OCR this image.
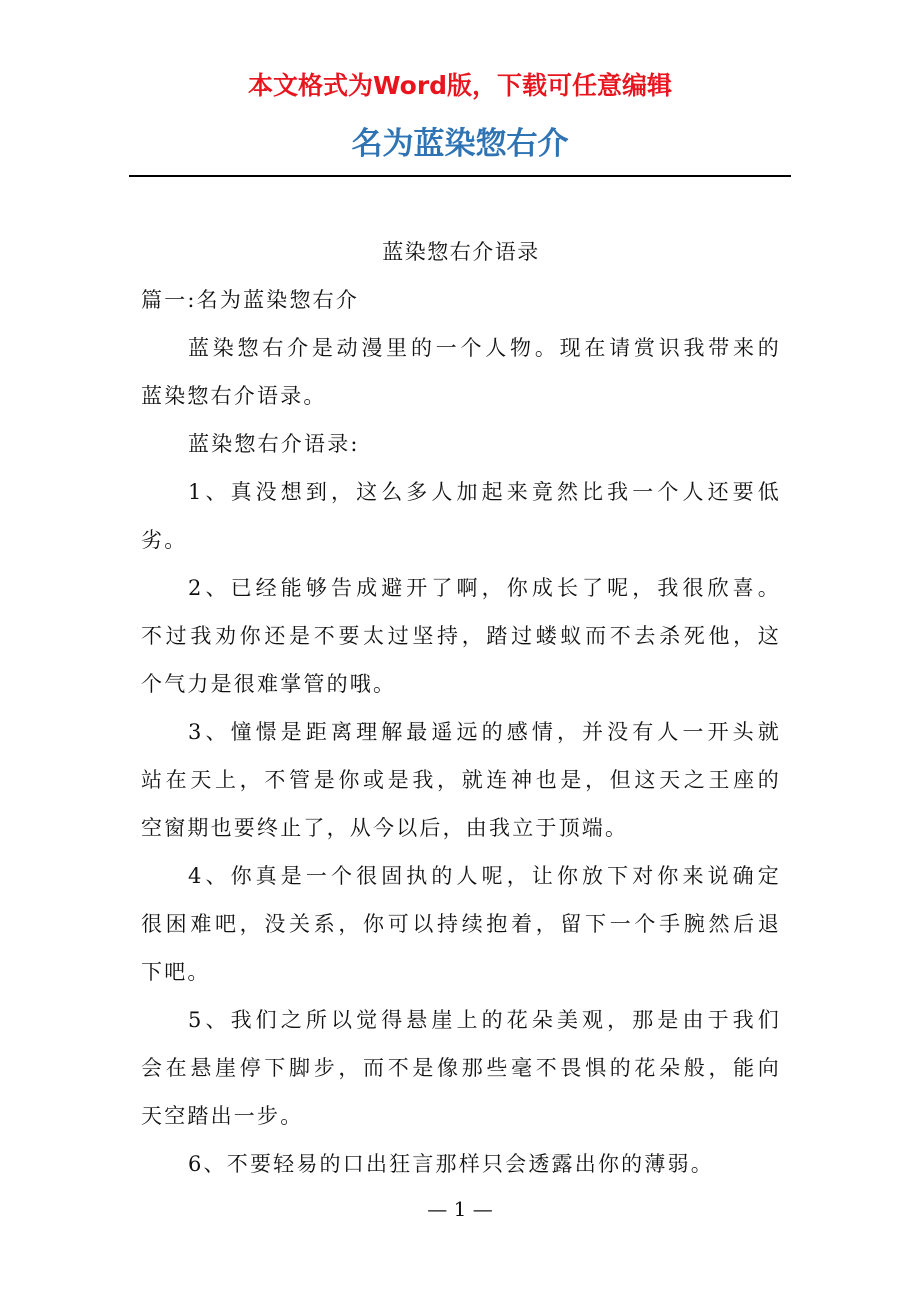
本文格式为Word版，下载可任意编辑
名为蓝染惣右介
蓝染惣右介语录
篇一:名为蓝染惣右介
蓝染惣右介是动漫里的一个人物。现在请赏识我带来的
蓝染惣右介语录。
蓝染惣右介语录:
1、真没想到，这么多人加起来竟然比我一个人还要低
劣。
2、已经能够告成避开了啊，你成长了呢，我很欣喜。
不过我劝你还是不要太过坚持，踏过蝼蚁而不去杀死他，这
个气力是很难掌管的哦。
3、憧憬是距离理解最遥远的感情，并没有人一开头就
站在天上，不管是你或是我，就连神也是，但这天之王座的
空窗期也要终止了，从今以后，由我立于顶端。
4、你真是一个很固执的人呢，让你放下对你来说确定
很困难吧，没关系，你可以持续抱着，留下一个手腕然后退
下吧。
5、我们之所以觉得悬崖上的花朵美观，那是由于我们
会在悬崖停下脚步，而不是像那些毫不畏惧的花朵般，能向
天空踏出一步。
6、不要轻易的口出狂言那样只会透露出你的薄弱。
— 1 —
